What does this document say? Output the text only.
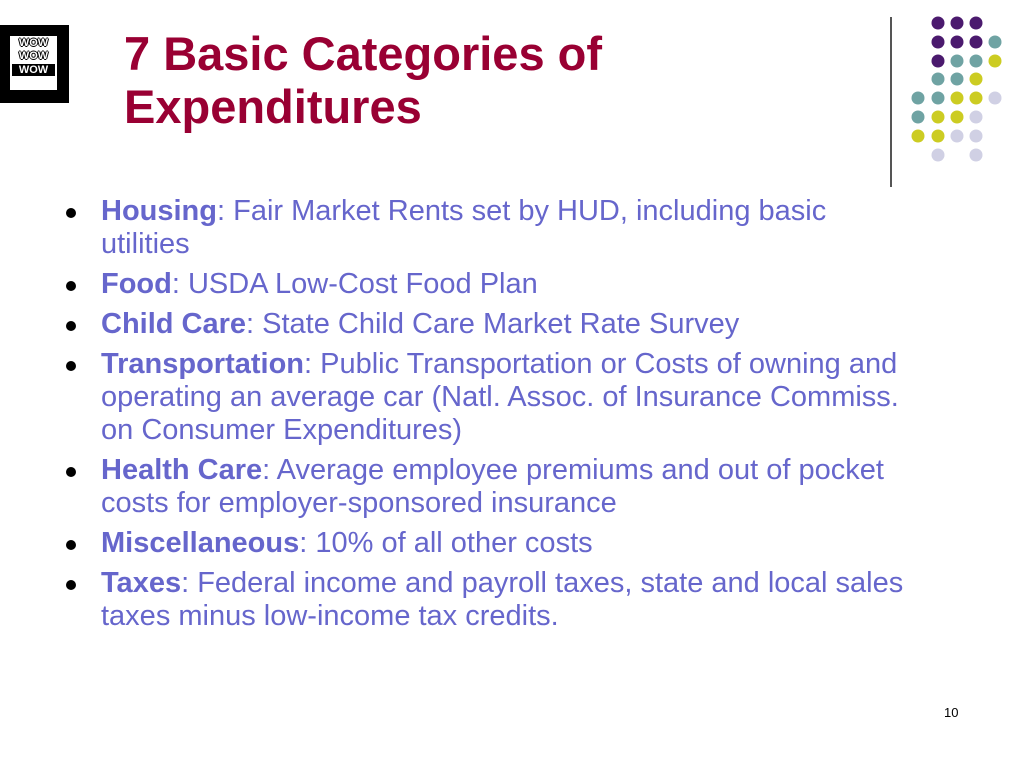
WOW
WOW
WOW 7 Basic Categories of Expenditures
Housing: Fair Market Rents set by HUD, including basic utilities
Food: USDA Low-Cost Food Plan
Child Care: State Child Care Market Rate Survey
Transportation: Public Transportation or Costs of owning and operating an average car (Natl. Assoc. of Insurance Commiss. on Consumer Expenditures)
Health Care: Average employee premiums and out of pocket costs for employer-sponsored insurance
Miscellaneous: 10% of all other costs
Taxes: Federal income and payroll taxes, state and local sales taxes minus low-income tax credits.
10
